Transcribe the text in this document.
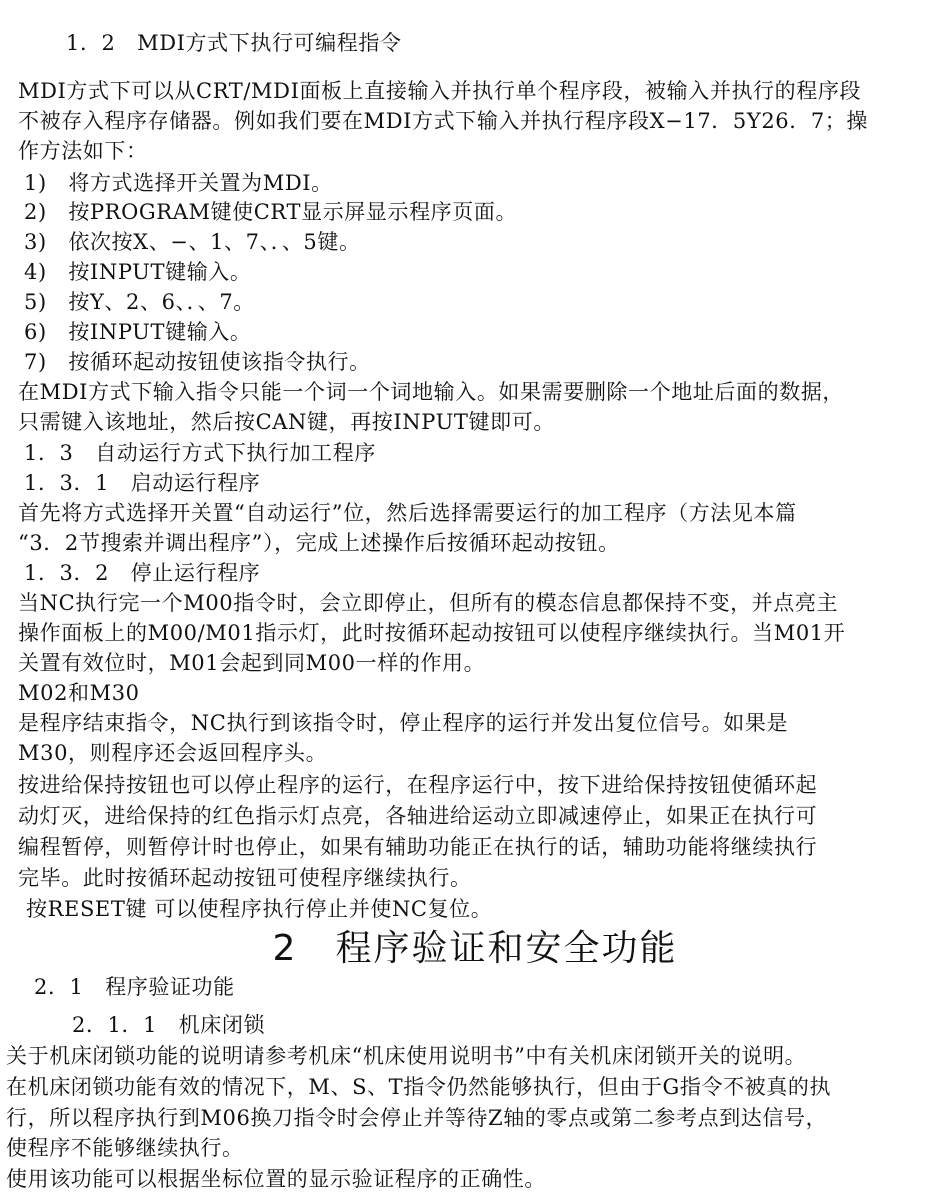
1．2　MDI方式下执行可编程指令
MDI方式下可以从CRT/MDI面板上直接输入并执行单个程序段，被输入并执行的程序段
不被存入程序存储器。例如我们要在MDI方式下输入并执行程序段X−17．5Y26．7；操
作方法如下：
1)　将方式选择开关置为MDI。
2)　按PROGRAM键使CRT显示屏显示程序页面。
3)　依次按X、−、1、7、．、5键。
4)　按INPUT键输入。
5)　按Y、2、6、．、7。
6)　按INPUT键输入。
7)　按循环起动按钮使该指令执行。
在MDI方式下输入指令只能一个词一个词地输入。如果需要删除一个地址后面的数据，
只需键入该地址，然后按CAN键，再按INPUT键即可。
1．3　自动运行方式下执行加工程序
1．3．1　启动运行程序
首先将方式选择开关置“自动运行”位，然后选择需要运行的加工程序（方法见本篇
“3．2节搜索并调出程序”），完成上述操作后按循环起动按钮。
1．3．2　停止运行程序
当NC执行完一个M00指令时，会立即停止，但所有的模态信息都保持不变，并点亮主
操作面板上的M00/M01指示灯，此时按循环起动按钮可以使程序继续执行。当M01开
关置有效位时，M01会起到同M00一样的作用。
M02和M30
是程序结束指令，NC执行到该指令时，停止程序的运行并发出复位信号。如果是
M30，则程序还会返回程序头。
按进给保持按钮也可以停止程序的运行，在程序运行中，按下进给保持按钮使循环起
动灯灭，进给保持的红色指示灯点亮，各轴进给运动立即减速停止，如果正在执行可
编程暂停，则暂停计时也停止，如果有辅助功能正在执行的话，辅助功能将继续执行
完毕。此时按循环起动按钮可使程序继续执行。
按RESET键 可以使程序执行停止并使NC复位。
2　程序验证和安全功能
2．1　程序验证功能
2．1．1　机床闭锁
关于机床闭锁功能的说明请参考机床“机床使用说明书”中有关机床闭锁开关的说明。
在机床闭锁功能有效的情况下，M、S、T指令仍然能够执行，但由于G指令不被真的执
行，所以程序执行到M06换刀指令时会停止并等待Z轴的零点或第二参考点到达信号，
使程序不能够继续执行。
使用该功能可以根据坐标位置的显示验证程序的正确性。
